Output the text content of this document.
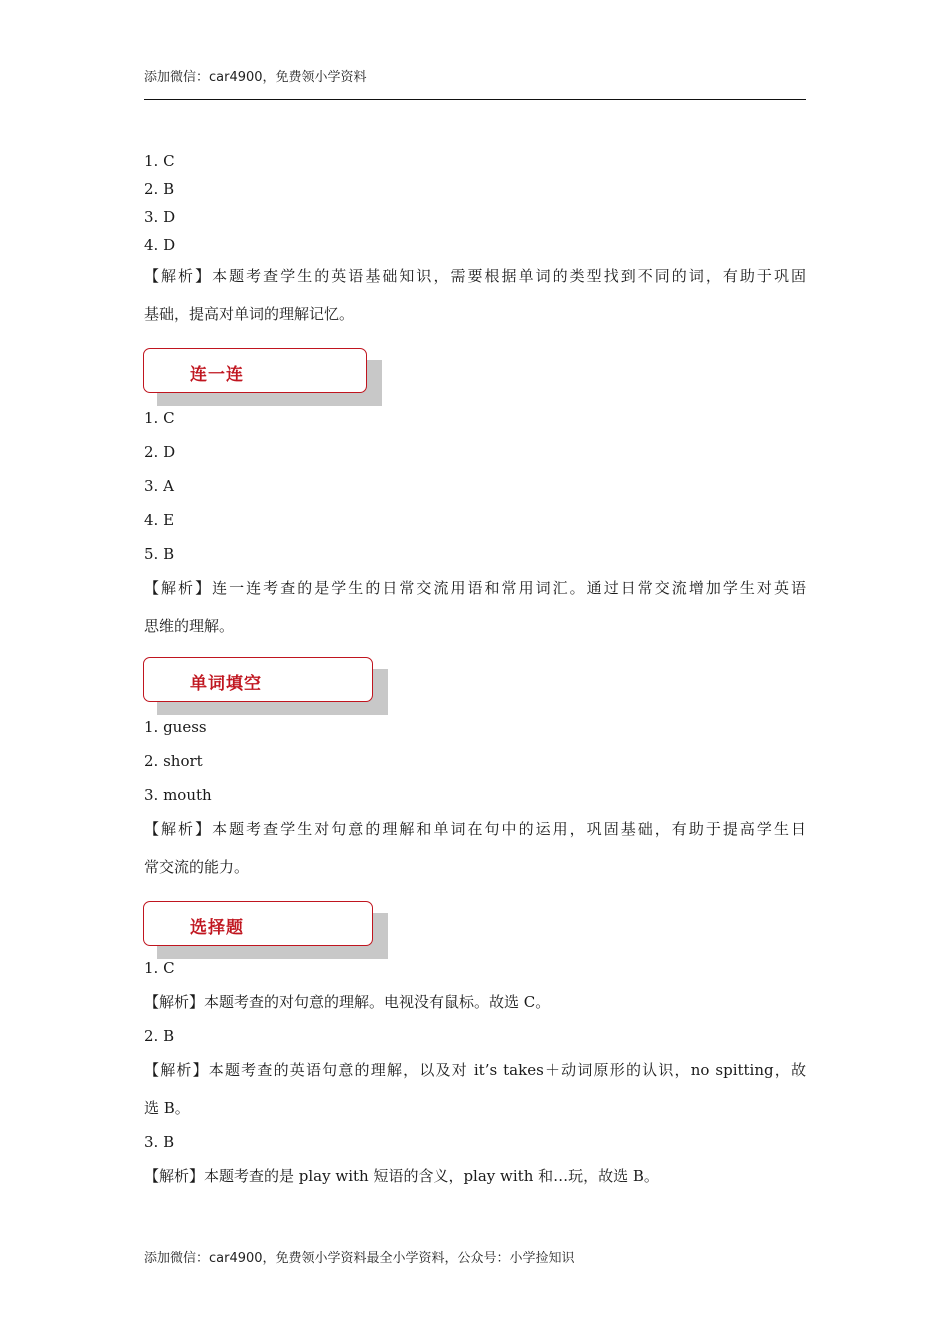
添加微信：car4900，免费领小学资料
1. C
2. B
3. D
4. D
【解析】本题考查学生的英语基础知识，需要根据单词的类型找到不同的词，有助于巩固
基础，提高对单词的理解记忆。
连一连
1. C
2. D
3. A
4. E
5. B
【解析】连一连考查的是学生的日常交流用语和常用词汇。通过日常交流增加学生对英语
思维的理解。
单词填空
1. guess
2. short
3. mouth
【解析】本题考查学生对句意的理解和单词在句中的运用，巩固基础，有助于提高学生日
常交流的能力。
选择题
1. C
【解析】本题考查的对句意的理解。电视没有鼠标。故选 C。
2. B
【解析】本题考查的英语句意的理解，以及对 it’s takes＋动词原形的认识，no spitting，故
选 B。
3. B
【解析】本题考查的是 play with 短语的含义，play with 和…玩，故选 B。
添加微信：car4900，免费领小学资料最全小学资料，公众号：小学捡知识
